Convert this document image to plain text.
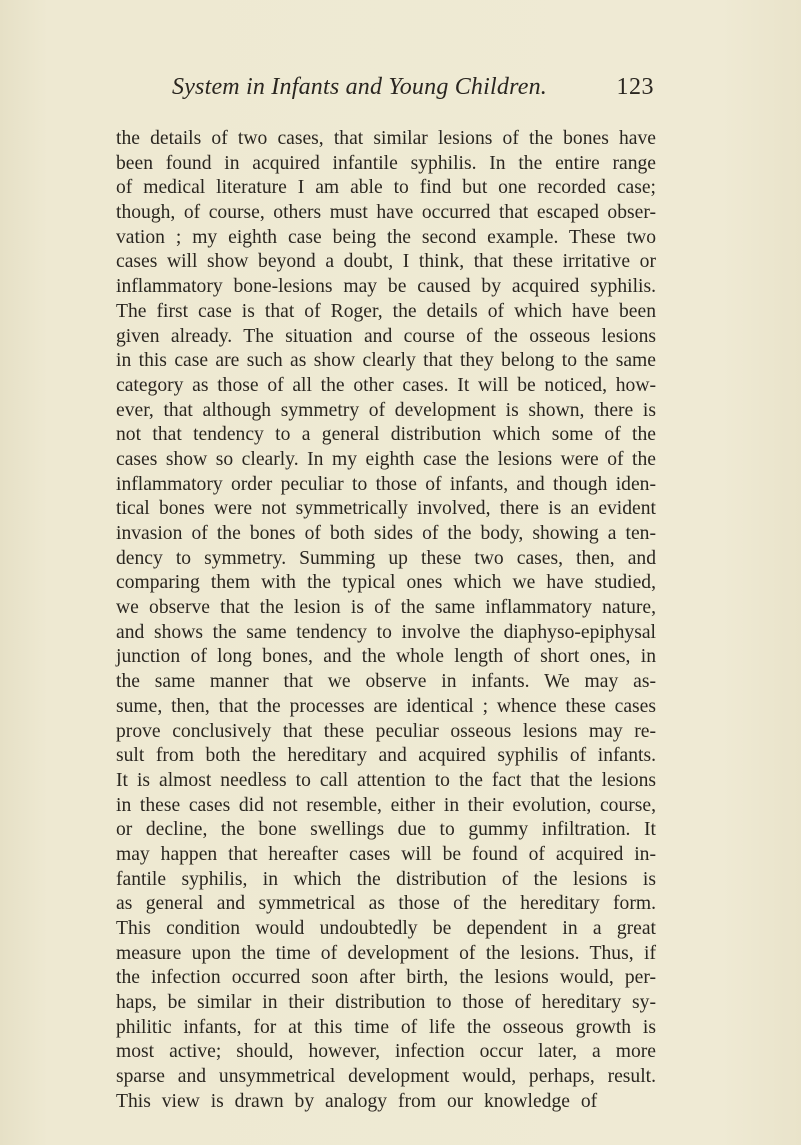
System in Infants and Young Children.	123
the details of two cases, that similar lesions of the bones have
been found in acquired infantile syphilis. In the entire range
of medical literature I am able to find but one recorded case;
though, of course, others must have occurred that escaped obser-
vation ; my eighth case being the second example. These two
cases will show beyond a doubt, I think, that these irritative or
inflammatory bone-lesions may be caused by acquired syphilis.
The first case is that of Roger, the details of which have been
given already. The situation and course of the osseous lesions
in this case are such as show clearly that they belong to the same
category as those of all the other cases. It will be noticed, how-
ever, that although symmetry of development is shown, there is
not that tendency to a general distribution which some of the
cases show so clearly. In my eighth case the lesions were of the
inflammatory order peculiar to those of infants, and though iden-
tical bones were not symmetrically involved, there is an evident
invasion of the bones of both sides of the body, showing a ten-
dency to symmetry. Summing up these two cases, then, and
comparing them with the typical ones which we have studied,
we observe that the lesion is of the same inflammatory nature,
and shows the same tendency to involve the diaphyso-epiphysal
junction of long bones, and the whole length of short ones, in
the same manner that we observe in infants. We may as-
sume, then, that the processes are identical ; whence these cases
prove conclusively that these peculiar osseous lesions may re-
sult from both the hereditary and acquired syphilis of infants.
It is almost needless to call attention to the fact that the lesions
in these cases did not resemble, either in their evolution, course,
or decline, the bone swellings due to gummy infiltration. It
may happen that hereafter cases will be found of acquired in-
fantile syphilis, in which the distribution of the lesions is
as general and symmetrical as those of the hereditary form.
This condition would undoubtedly be dependent in a great
measure upon the time of development of the lesions. Thus, if
the infection occurred soon after birth, the lesions would, per-
haps, be similar in their distribution to those of hereditary sy-
philitic infants, for at this time of life the osseous growth is
most active; should, however, infection occur later, a more
sparse and unsymmetrical development would, perhaps, result.
This view is drawn by analogy from our knowledge of
